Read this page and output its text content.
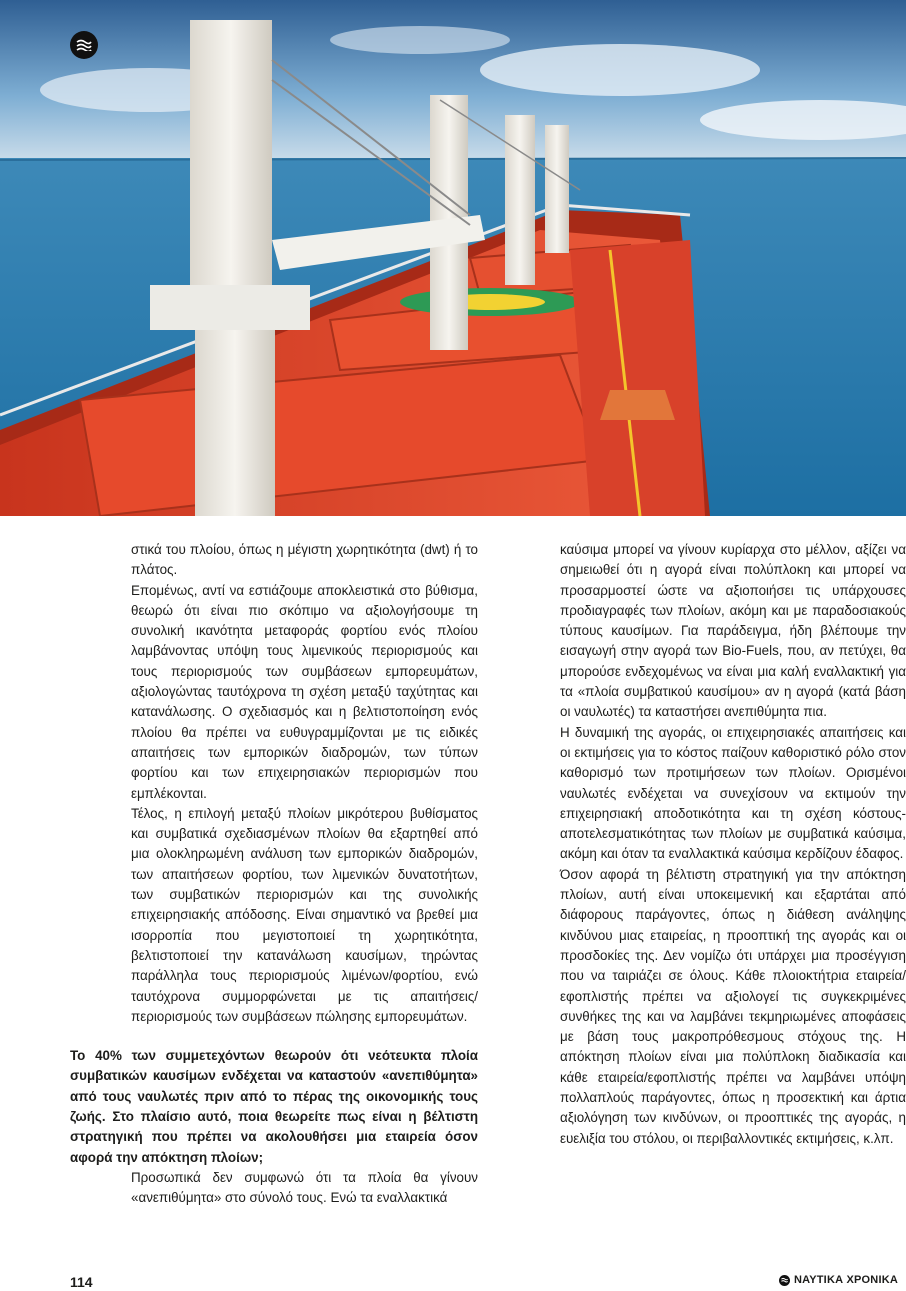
στικά του πλοίου, όπως η μέγιστη χωρητικότητα (dwt) ή το πλάτος.

Επομένως, αντί να εστιάζουμε αποκλειστικά στο βύθισμα, θεωρώ ότι είναι πιο σκόπιμο να αξιολογήσουμε τη συνολική ικανότητα μεταφοράς φορτίου ενός πλοίου λαμβάνοντας υπόψη τους λιμενικούς περιορισμούς και τους περιορισμούς των συμβάσεων εμπορευμάτων, αξιολογώντας ταυτόχρονα τη σχέση μεταξύ ταχύτητας και κατανάλωσης. Ο σχεδιασμός και η βελτιστοποίηση ενός πλοίου θα πρέπει να ευθυγραμμίζονται με τις ειδικές απαιτήσεις των εμπορικών διαδρομών, των τύπων φορτίου και των επιχειρησιακών περιορισμών που εμπλέκονται.

Τέλος, η επιλογή μεταξύ πλοίων μικρότερου βυθίσματος και συμβατικά σχεδιασμένων πλοίων θα εξαρτηθεί από μια ολοκληρωμένη ανάλυση των εμπορικών διαδρομών, των απαιτήσεων φορτίου, των λιμενικών δυνατοτήτων, των συμβατικών περιορισμών και της συνολικής επιχειρησιακής απόδοσης. Είναι σημαντικό να βρεθεί μια ισορροπία που μεγιστοποιεί τη χωρητικότητα, βελτιστοποιεί την κατανάλωση καυσίμων, τηρώντας παράλληλα τους περιορισμούς λιμένων/φορτίου, ενώ ταυτόχρονα συμμορφώνεται με τις απαιτήσεις/περιορισμούς των συμβάσεων πώλησης εμπορευμάτων.

Το 40% των συμμετεχόντων θεωρούν ότι νεότευκτα πλοία συμβατικών καυσίμων ενδέχεται να καταστούν «ανεπιθύμητα» από τους ναυλωτές πριν από το πέρας της οικονομικής τους ζωής. Στο πλαίσιο αυτό, ποια θεωρείτε πως είναι η βέλτιστη στρατηγική που πρέπει να ακολουθήσει μια εταιρεία όσον αφορά την απόκτηση πλοίων;

Προσωπικά δεν συμφωνώ ότι τα πλοία θα γίνουν «ανεπιθύμητα» στο σύνολό τους. Ενώ τα εναλλακτικά

καύσιμα μπορεί να γίνουν κυρίαρχα στο μέλλον, αξίζει να σημειωθεί ότι η αγορά είναι πολύπλοκη και μπορεί να προσαρμοστεί ώστε να αξιοποιήσει τις υπάρχουσες προδιαγραφές των πλοίων, ακόμη και με παραδοσιακούς τύπους καυσίμων. Για παράδειγμα, ήδη βλέπουμε την εισαγωγή στην αγορά των Bio-Fuels, που, αν πετύχει, θα μπορούσε ενδεχομένως να είναι μια καλή εναλλακτική για τα «πλοία συμβατικού καυσίμου» αν η αγορά (κατά βάση οι ναυλωτές) τα καταστήσει ανεπιθύμητα πια.

Η δυναμική της αγοράς, οι επιχειρησιακές απαιτήσεις και οι εκτιμήσεις για το κόστος παίζουν καθοριστικό ρόλο στον καθορισμό των προτιμήσεων των πλοίων. Ορισμένοι ναυλωτές ενδέχεται να συνεχίσουν να εκτιμούν την επιχειρησιακή αποδοτικότητα και τη σχέση κόστους-αποτελεσματικότητας των πλοίων με συμβατικά καύσιμα, ακόμη και όταν τα εναλλακτικά καύσιμα κερδίζουν έδαφος.

Όσον αφορά τη βέλτιστη στρατηγική για την απόκτηση πλοίων, αυτή είναι υποκειμενική και εξαρτάται από διάφορους παράγοντες, όπως η διάθεση ανάληψης κινδύνου μιας εταιρείας, η προοπτική της αγοράς και οι προσδοκίες της. Δεν νομίζω ότι υπάρχει μια προσέγγιση που να ταιριάζει σε όλους. Κάθε πλοιοκτήτρια εταιρεία/εφοπλιστής πρέπει να αξιολογεί τις συγκεκριμένες συνθήκες της και να λαμβάνει τεκμηριωμένες αποφάσεις με βάση τους μακροπρόθεσμους στόχους της. Η απόκτηση πλοίων είναι μια πολύπλοκη διαδικασία και κάθε εταιρεία/εφοπλιστής πρέπει να λαμβάνει υπόψη πολλαπλούς παράγοντες, όπως η προσεκτική και άρτια αξιολόγηση των κινδύνων, οι προοπτικές της αγοράς, η ευελιξία του στόλου, οι περιβαλλοντικές εκτιμήσεις, κ.λπ.

114	ΝΑΥΤΙΚΑ ΧΡΟΝΙΚΑ
